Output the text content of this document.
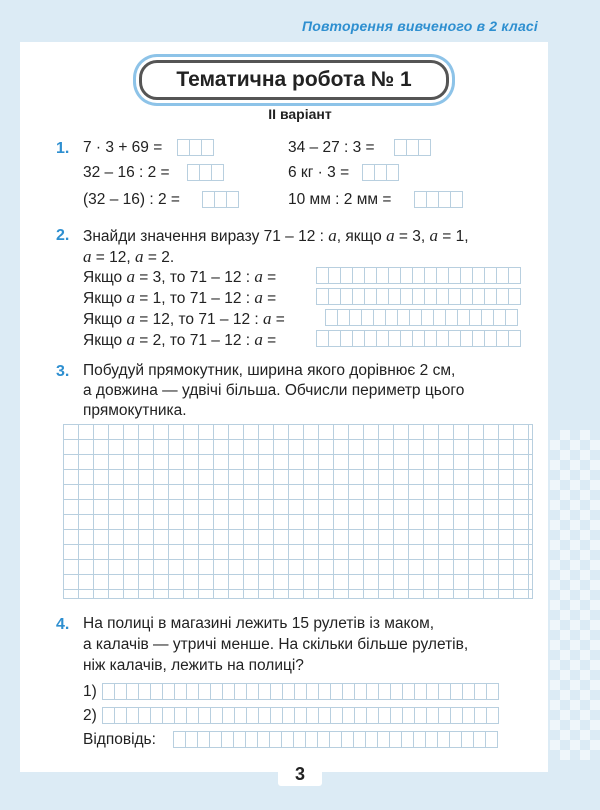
Повторення вивченого в 2 класі
Тематична робота № 1
II варіант
1. 7 · 3 + 69 =	34 – 27 : 3 =
32 – 16 : 2 =	6 кг · 3 =
(32 – 16) : 2 =	10 мм : 2 мм =
2. Знайди значення виразу 71 – 12 : а, якщо а = 3, а = 1,
а = 12, а = 2.
Якщо а = 3, то 71 – 12 : а =
Якщо а = 1, то 71 – 12 : а =
Якщо а = 12, то 71 – 12 : а =
Якщо а = 2, то 71 – 12 : а =
3. Побудуй прямокутник, ширина якого дорівнює 2 см,
а довжина — удвічі більша. Обчисли периметр цього
прямокутника.
4. На полиці в магазині лежить 15 рулетів із маком,
а калачів — утричі менше. На скільки більше рулетів,
ніж калачів, лежить на полиці?
1)
2)
Відповідь:
3
